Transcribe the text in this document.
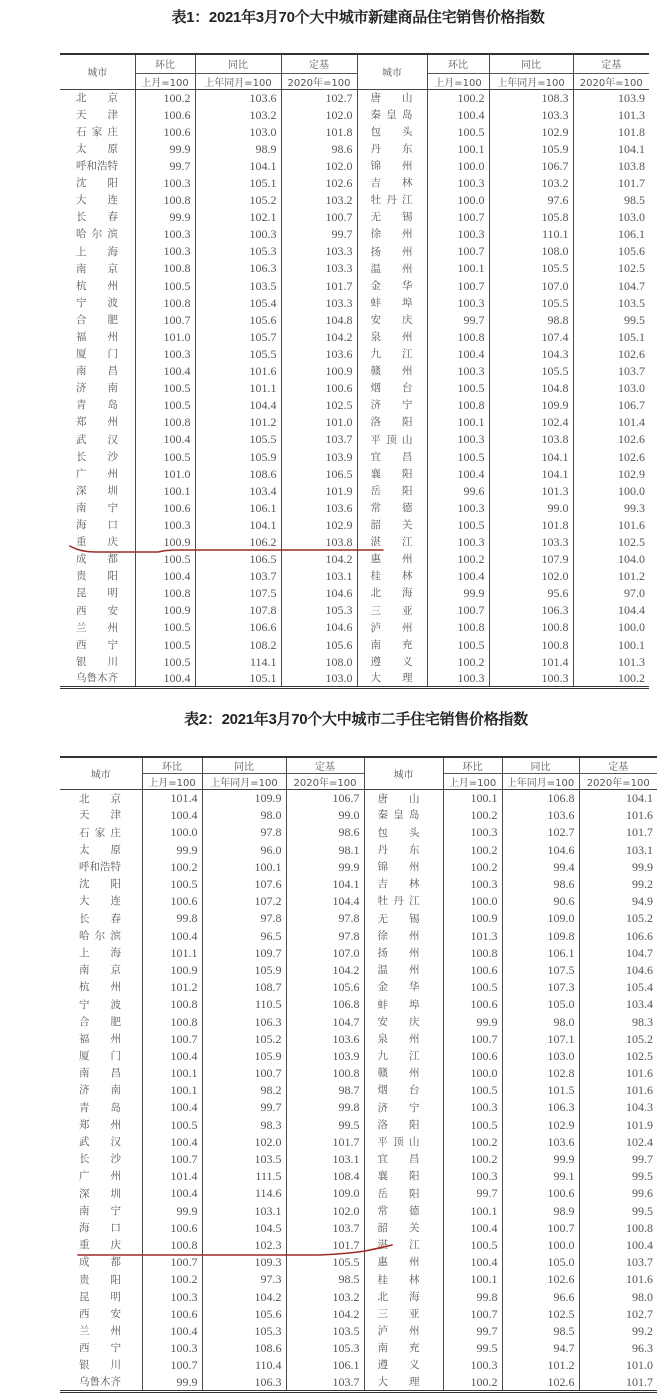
表1：2021年3月70个大中城市新建商品住宅销售价格指数
城市	环比	同比	定基	城市	环比	同比	定基
	上月=100	上年同月=100	2020年=100		上月=100	上年同月=100	2020年=100
北京	100.2	103.6	102.7	唐山	100.2	108.3	103.9
天津	100.6	103.2	102.0	秦皇岛	100.4	103.3	101.3
石家庄	100.6	103.0	101.8	包头	100.5	102.9	101.8
太原	99.9	98.9	98.6	丹东	100.1	105.9	104.1
呼和浩特	99.7	104.1	102.0	锦州	100.0	106.7	103.8
沈阳	100.3	105.1	102.6	吉林	100.3	103.2	101.7
大连	100.8	105.2	103.2	牡丹江	100.0	97.6	98.5
长春	99.9	102.1	100.7	无锡	100.7	105.8	103.0
哈尔滨	100.3	100.3	99.7	徐州	100.3	110.1	106.1
上海	100.3	105.3	103.3	扬州	100.7	108.0	105.6
南京	100.8	106.3	103.3	温州	100.1	105.5	102.5
杭州	100.5	103.5	101.7	金华	100.7	107.0	104.7
宁波	100.8	105.4	103.3	蚌埠	100.3	105.5	103.5
合肥	100.7	105.6	104.8	安庆	99.7	98.8	99.5
福州	101.0	105.7	104.2	泉州	100.8	107.4	105.1
厦门	100.3	105.5	103.6	九江	100.4	104.3	102.6
南昌	100.4	101.6	100.9	赣州	100.3	105.5	103.7
济南	100.5	101.1	100.6	烟台	100.5	104.8	103.0
青岛	100.5	104.4	102.5	济宁	100.8	109.9	106.7
郑州	100.8	101.2	101.0	洛阳	100.1	102.4	101.4
武汉	100.4	105.5	103.7	平顶山	100.3	103.8	102.6
长沙	100.5	105.9	103.9	宜昌	100.5	104.1	102.6
广州	101.0	108.6	106.5	襄阳	100.4	104.1	102.9
深圳	100.1	103.4	101.9	岳阳	99.6	101.3	100.0
南宁	100.6	106.1	103.6	常德	100.3	99.0	99.3
海口	100.3	104.1	102.9	韶关	100.5	101.8	101.6
重庆	100.9	106.2	103.8	湛江	100.3	103.3	102.5
成都	100.5	106.5	104.2	惠州	100.2	107.9	104.0
贵阳	100.4	103.7	103.1	桂林	100.4	102.0	101.2
昆明	100.8	107.5	104.6	北海	99.9	95.6	97.0
西安	100.9	107.8	105.3	三亚	100.7	106.3	104.4
兰州	100.5	106.6	104.6	泸州	100.8	100.8	100.0
西宁	100.5	108.2	105.6	南充	100.5	100.8	100.1
银川	100.5	114.1	108.0	遵义	100.2	101.4	101.3
乌鲁木齐	100.4	105.1	103.0	大理	100.3	100.3	100.2
表2：2021年3月70个大中城市二手住宅销售价格指数
城市	环比	同比	定基	城市	环比	同比	定基
	上月=100	上年同月=100	2020年=100		上月=100	上年同月=100	2020年=100
北京	101.4	109.9	106.7	唐山	100.1	106.8	104.1
天津	100.4	98.0	99.0	秦皇岛	100.2	103.6	101.6
石家庄	100.0	97.8	98.6	包头	100.3	102.7	101.7
太原	99.9	96.0	98.1	丹东	100.2	104.6	103.1
呼和浩特	100.2	100.1	99.9	锦州	100.2	99.4	99.9
沈阳	100.5	107.6	104.1	吉林	100.3	98.6	99.2
大连	100.6	107.2	104.4	牡丹江	100.0	90.6	94.9
长春	99.8	97.8	97.8	无锡	100.9	109.0	105.2
哈尔滨	100.4	96.5	97.8	徐州	101.3	109.8	106.6
上海	101.1	109.7	107.0	扬州	100.8	106.1	104.7
南京	100.9	105.9	104.2	温州	100.6	107.5	104.6
杭州	101.2	108.7	105.6	金华	100.5	107.3	105.4
宁波	100.8	110.5	106.8	蚌埠	100.6	105.0	103.4
合肥	100.8	106.3	104.7	安庆	99.9	98.0	98.3
福州	100.7	105.2	103.6	泉州	100.7	107.1	105.2
厦门	100.4	105.9	103.9	九江	100.6	103.0	102.5
南昌	100.1	100.7	100.8	赣州	100.0	102.8	101.6
济南	100.1	98.2	98.7	烟台	100.5	101.5	101.6
青岛	100.4	99.7	99.8	济宁	100.3	106.3	104.3
郑州	100.5	98.3	99.5	洛阳	100.5	102.9	101.9
武汉	100.4	102.0	101.7	平顶山	100.2	103.6	102.4
长沙	100.7	103.5	103.1	宜昌	100.2	99.9	99.7
广州	101.4	111.5	108.4	襄阳	100.3	99.1	99.5
深圳	100.4	114.6	109.0	岳阳	99.7	100.6	99.6
南宁	99.9	103.1	102.0	常德	100.1	98.9	99.5
海口	100.6	104.5	103.7	韶关	100.4	100.7	100.8
重庆	100.8	102.3	101.7	湛江	100.5	100.0	100.4
成都	100.7	109.3	105.5	惠州	100.4	105.0	103.7
贵阳	100.2	97.3	98.5	桂林	100.1	102.6	101.6
昆明	100.3	104.2	103.2	北海	99.8	96.6	98.0
西安	100.6	105.6	104.2	三亚	100.7	102.5	102.7
兰州	100.4	105.3	103.5	泸州	99.7	98.5	99.2
西宁	100.3	108.6	105.3	南充	99.5	94.7	96.3
银川	100.7	110.4	106.1	遵义	100.3	101.2	101.0
乌鲁木齐	99.9	106.3	103.7	大理	100.2	102.6	101.7
